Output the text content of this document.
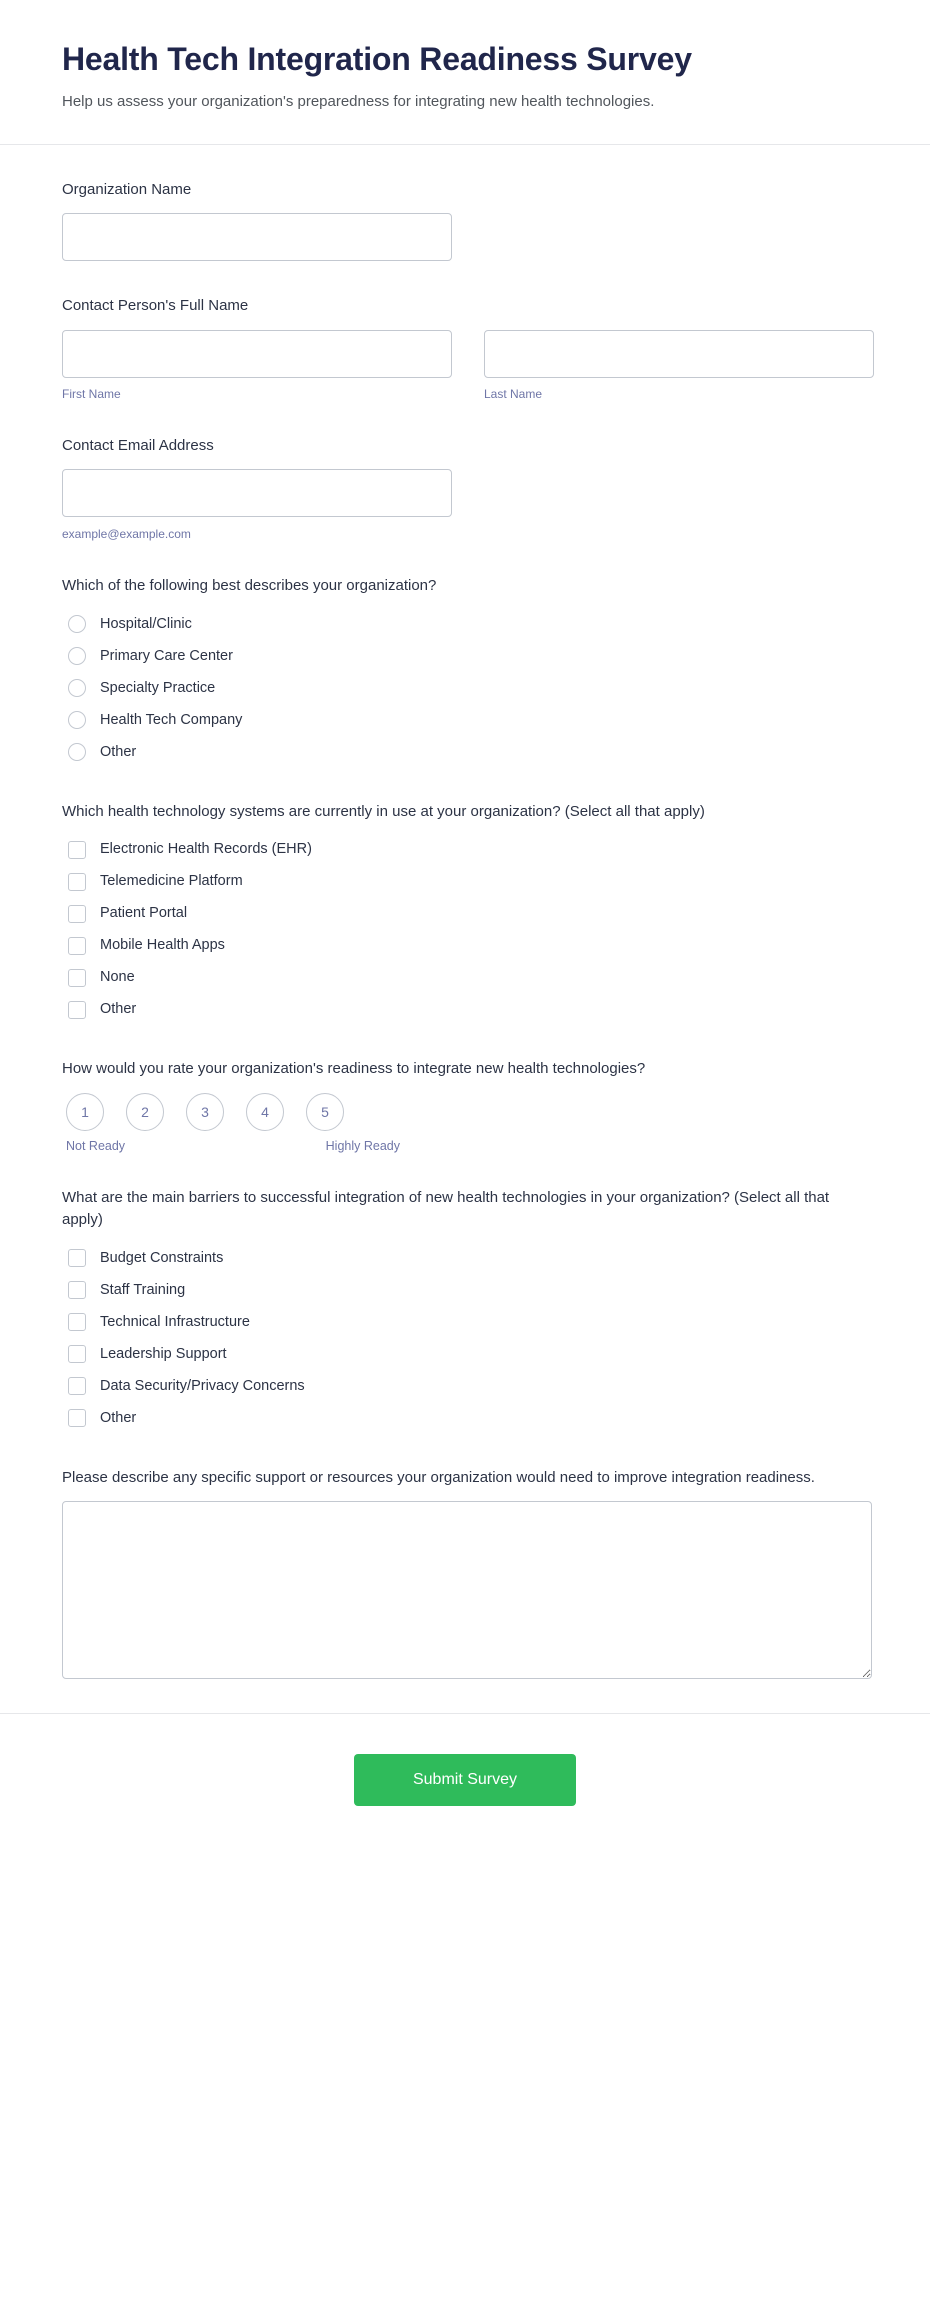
Health Tech Integration Readiness Survey

Help us assess your organization's preparedness for integrating new health technologies.

Organization Name
Contact Person's Full Name
First Name	Last Name
Contact Email Address
example@example.com
Which of the following best describes your organization?
Hospital/Clinic
Primary Care Center
Specialty Practice
Health Tech Company
Other
Which health technology systems are currently in use at your organization? (Select all that apply)
Electronic Health Records (EHR)
Telemedicine Platform
Patient Portal
Mobile Health Apps
None
Other
How would you rate your organization's readiness to integrate new health technologies?
1	2	3	4	5
Not Ready	Highly Ready
What are the main barriers to successful integration of new health technologies in your organization? (Select all that apply)
Budget Constraints
Staff Training
Technical Infrastructure
Leadership Support
Data Security/Privacy Concerns
Other
Please describe any specific support or resources your organization would need to improve integration readiness.
Submit Survey
